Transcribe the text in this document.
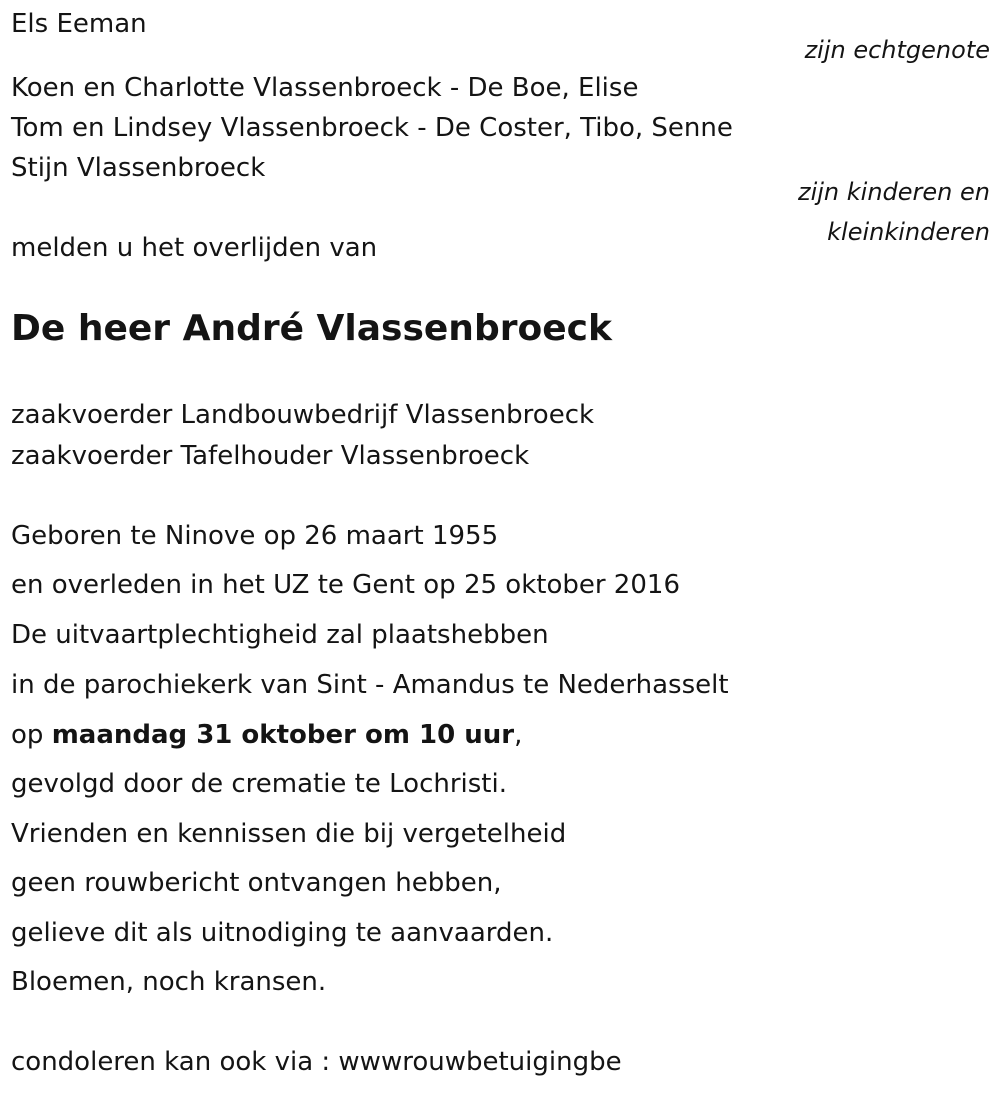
Els Eeman
zijn echtgenote
Koen en Charlotte Vlassenbroeck - De Boe, Elise
Tom en Lindsey Vlassenbroeck - De Coster, Tibo, Senne
Stijn Vlassenbroeck
zijn kinderen en
kleinkinderen
melden u het overlijden van
De heer André Vlassenbroeck
zaakvoerder Landbouwbedrijf Vlassenbroeck
zaakvoerder Tafelhouder Vlassenbroeck
Geboren te Ninove op 26 maart 1955
en overleden in het UZ te Gent op 25 oktober 2016
De uitvaartplechtigheid zal plaatshebben
in de parochiekerk van Sint - Amandus te Nederhasselt
op maandag 31 oktober om 10 uur,
gevolgd door de crematie te Lochristi.
Vrienden en kennissen die bij vergetelheid
geen rouwbericht ontvangen hebben,
gelieve dit als uitnodiging te aanvaarden.
Bloemen, noch kransen.
condoleren kan ook via : wwwrouwbetuigingbe
